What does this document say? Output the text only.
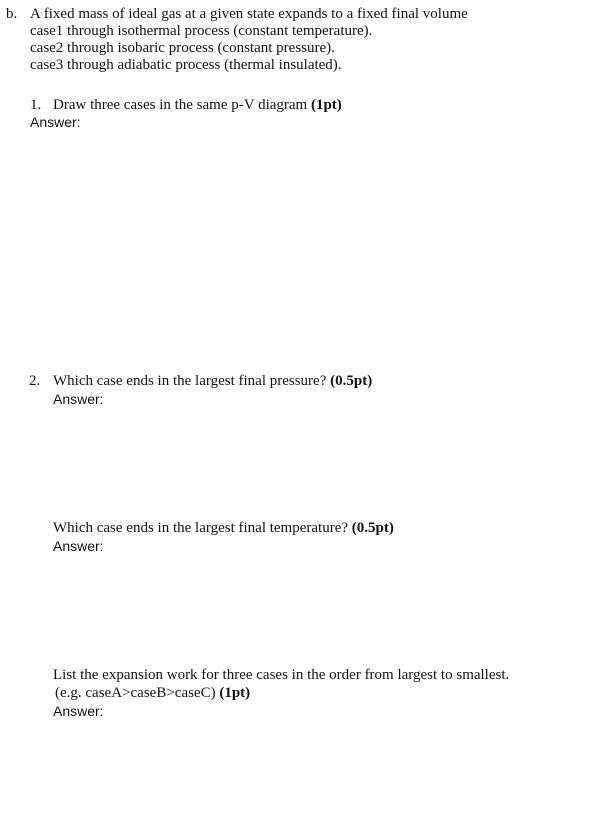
b. A fixed mass of ideal gas at a given state expands to a fixed final volume
case1 through isothermal process (constant temperature).
case2 through isobaric process (constant pressure).
case3 through adiabatic process (thermal insulated).
1. Draw three cases in the same p-V diagram (1pt)
Answer:
2. Which case ends in the largest final pressure? (0.5pt)
Answer:
Which case ends in the largest final temperature? (0.5pt)
Answer:
List the expansion work for three cases in the order from largest to smallest.
(e.g. caseA>caseB>caseC) (1pt)
Answer:
